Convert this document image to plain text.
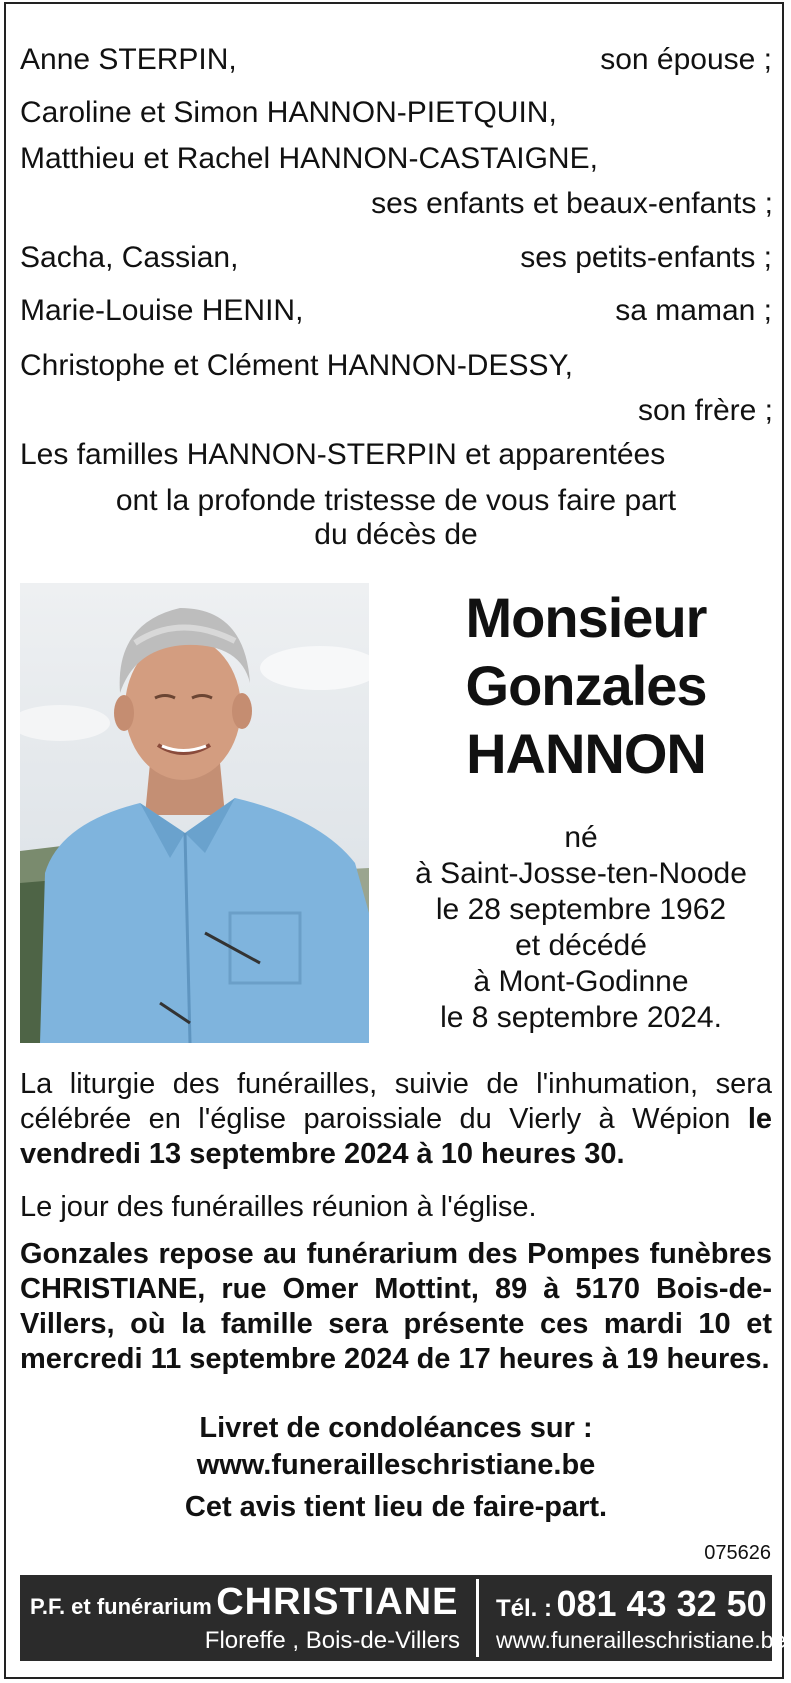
Anne STERPIN,	son épouse ;
Caroline et Simon HANNON-PIETQUIN,
Matthieu et Rachel HANNON-CASTAIGNE,
ses enfants et beaux-enfants ;
Sacha, Cassian,	ses petits-enfants ;
Marie-Louise HENIN,	sa maman ;
Christophe et Clément HANNON-DESSY,
son frère ;
Les familles HANNON-STERPIN et apparentées
ont la profonde tristesse de vous faire part
du décès de
Monsieur
Gonzales
HANNON
né
à Saint-Josse-ten-Noode
le 28 septembre 1962
et décédé
à Mont-Godinne
le 8 septembre 2024.
La liturgie des funérailles, suivie de l'inhumation, sera célébrée en l'église paroissiale du Vierly à Wépion le vendredi 13 septembre 2024 à 10 heures 30.
Le jour des funérailles réunion à l'église.
Gonzales repose au funérarium des Pompes funèbres CHRISTIANE, rue Omer Mottint, 89 à 5170 Bois-de-Villers, où la famille sera présente ces mardi 10 et mercredi 11 septembre 2024 de 17 heures à 19 heures.
Livret de condoléances sur :
www.funerailleschristiane.be
Cet avis tient lieu de faire-part.
075626
P.F. et funérarium CHRISTIANE
Floreffe , Bois-de-Villers
Tél. : 081 43 32 50
www.funerailleschristiane.be
